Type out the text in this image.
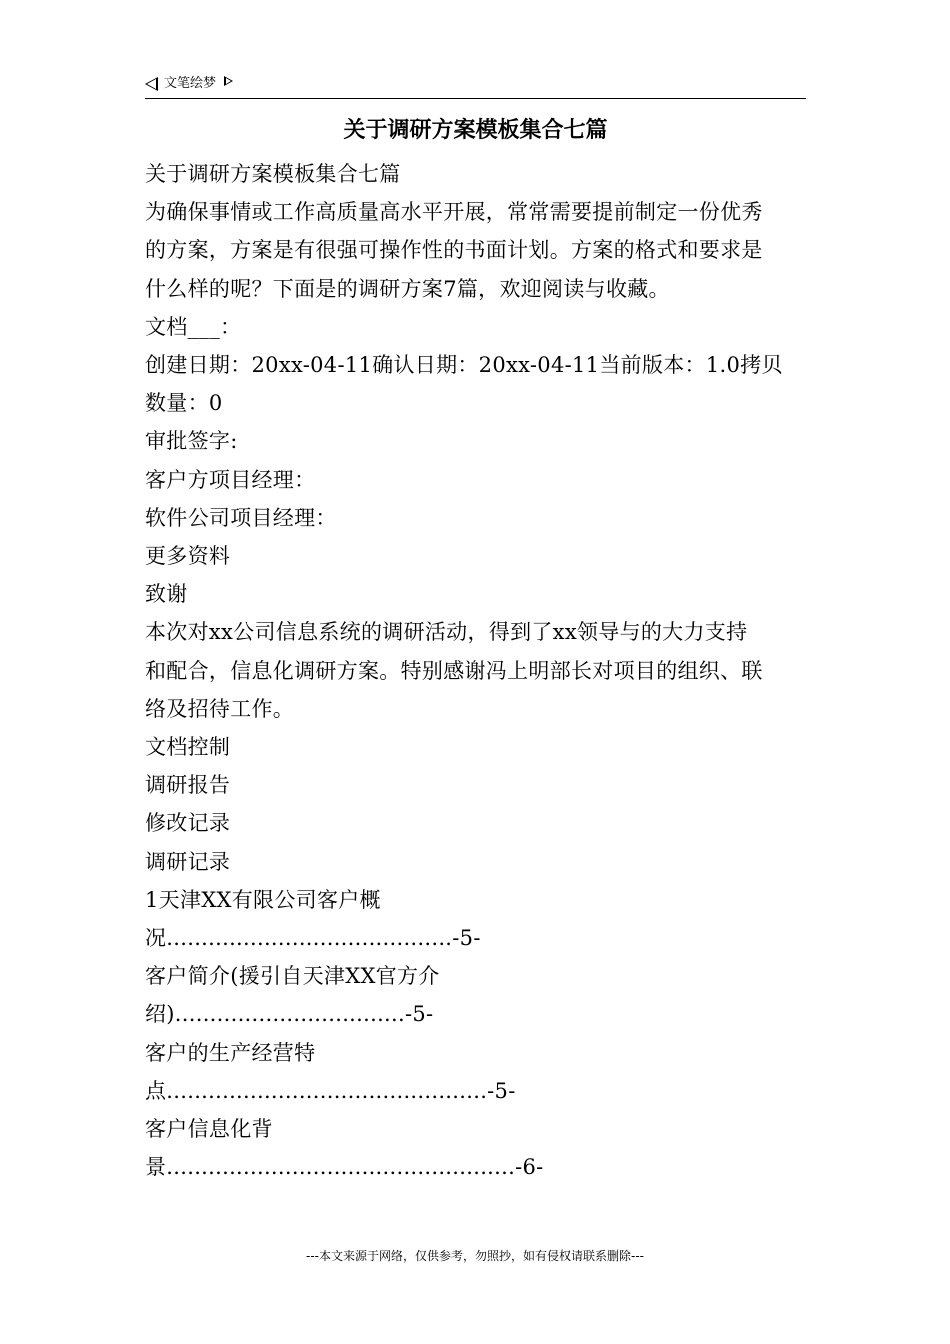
文笔绘梦
关于调研方案模板集合七篇

关于调研方案模板集合七篇

为确保事情或工作高质量高水平开展，常常需要提前制定一份优秀

的方案，方案是有很强可操作性的书面计划。方案的格式和要求是

什么样的呢？下面是的调研方案7篇，欢迎阅读与收藏。

文档___：

创建日期：20xx-04-11确认日期：20xx-04-11当前版本：1.0拷贝

数量：0

审批签字:

客户方项目经理：

软件公司项目经理：

更多资料

致谢

本次对xx公司信息系统的调研活动，得到了xx领导与的大力支持

和配合，信息化调研方案。特别感谢冯上明部长对项目的组织、联

络及招待工作。

文档控制

调研报告

修改记录

调研记录

1天津XX有限公司客户概

况.........................................-5-

客户简介(援引自天津XX官方介

绍).................................-5-

客户的生产经营特

点..............................................-5-

客户信息化背

景..................................................-6-

---本文来源于网络，仅供参考，勿照抄，如有侵权请联系删除---
